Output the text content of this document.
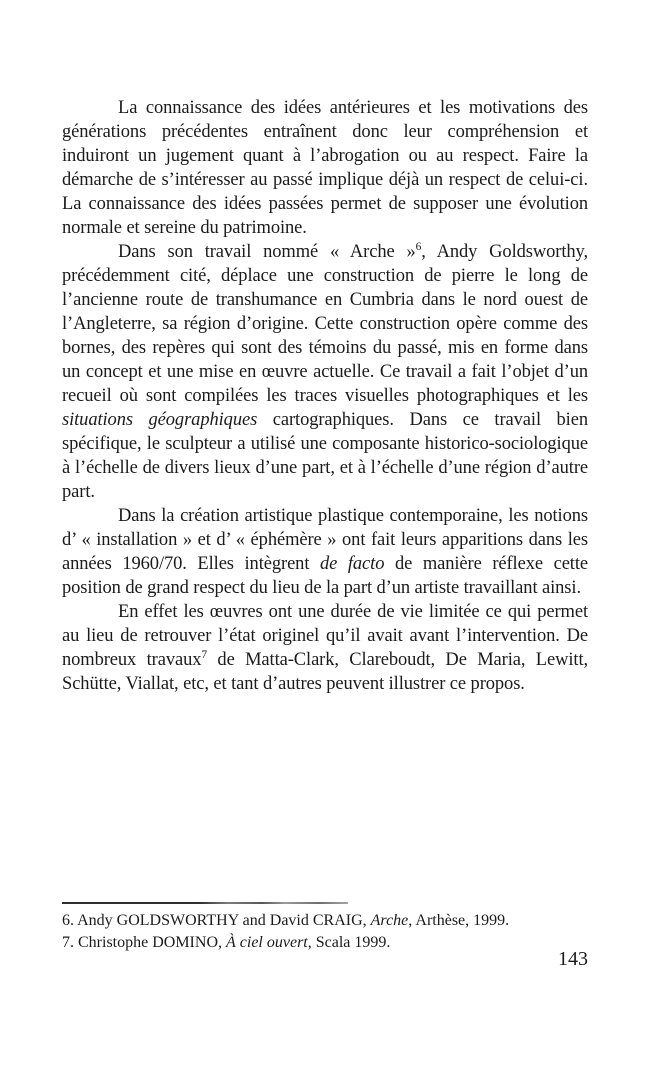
La connaissance des idées antérieures et les motivations des générations précédentes entraînent donc leur compréhension et induiront un jugement quant à l’abrogation ou au respect. Faire la démarche de s’intéresser au passé implique déjà un respect de celui-ci. La connaissance des idées passées permet de supposer une évolution normale et sereine du patrimoine.

Dans son travail nommé « Arche »$^6$, Andy Goldsworthy, précédemment cité, déplace une construction de pierre le long de l’ancienne route de transhumance en Cumbria dans le nord ouest de l’Angleterre, sa région d’origine. Cette construction opère comme des bornes, des repères qui sont des témoins du passé, mis en forme dans un concept et une mise en œuvre actuelle. Ce travail a fait l’objet d’un recueil où sont compilées les traces visuelles photographiques et les situations géographiques cartographiques. Dans ce travail bien spécifique, le sculpteur a utilisé une composante historico-sociologique à l’échelle de divers lieux d’une part, et à l’échelle d’une région d’autre part.

Dans la création artistique plastique contemporaine, les notions d’ « installation » et d’ « éphémère » ont fait leurs apparitions dans les années 1960/70. Elles intègrent de facto de manière réflexe cette position de grand respect du lieu de la part d’un artiste travaillant ainsi.

En effet les œuvres ont une durée de vie limitée ce qui permet au lieu de retrouver l’état originel qu’il avait avant l’intervention. De nombreux travaux$^7$ de Matta-Clark, Clareboudt, De Maria, Lewitt, Schütte, Viallat, etc, et tant d’autres peuvent illustrer ce propos.

6. Andy GOLDSWORTHY and David CRAIG, Arche, Arthèse, 1999.

7. Christophe DOMINO, À ciel ouvert, Scala 1999.

143
